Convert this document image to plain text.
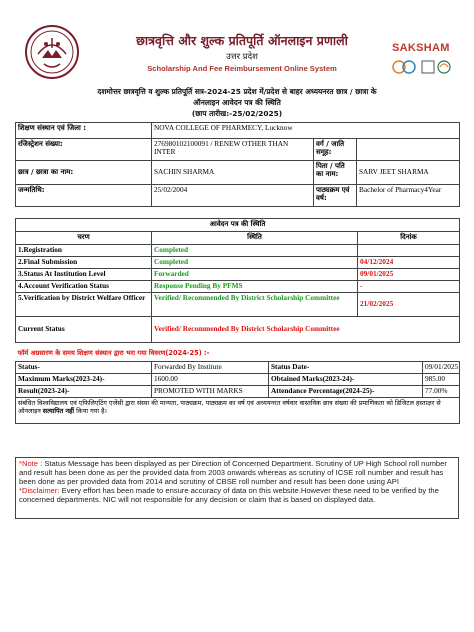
छात्रवृत्ति और शुल्क प्रतिपूर्ति ऑनलाइन प्रणाली
उत्तर प्रदेश
Scholarship And Fee Reimbursement Online System
SAKSHAM
दशमोत्तर छात्रवृत्ति व शुल्क प्रतिपूर्ति सत्र-2024-25 प्रदेश में/प्रदेश से बाहर अध्ययनरत छात्र / छात्रा के
ऑनलाइन आवेदन पत्र की स्थिति
(छाप तारीख:-25/02/2025)
शिक्षण संस्थान एवं जिला :	NOVA COLLEGE OF PHARMECY, Lucknow		
रजिस्ट्रेशन संख्या:	276980102100091 / RENEW OTHER THAN INTER	वर्ग / जाति समूह:	
छात्र / छात्रा का नाम:	SACHIN SHARMA	पिता / पति का नाम:	SARV JEET SHARMA
जन्मतिथि:	25/02/2004	पाठ्यक्रम एवं वर्ष:	Bachelor of Pharmacy4Year
आवेदन पत्र की स्थिति		
चरण	स्थिति	दिनांक
1.Registration	Completed	
2.Final Submission	Completed	04/12/2024
3.Status At Institution Level	Forwarded	09/01/2025
4.Account Verification Status	Response Pending By PFMS	-
5.Verification by District Welfare Officer	Verified/ Recommended By District Scholarship Committee	21/02/2025
Current Status	Verified/ Recommended By District Scholarship Committee	
फॉर्म अग्रसारण के समय शिक्षण संस्थान द्वारा भरा गया विवरण(2024-25) :-			
Status-	Forwarded By Institute	Status Date-	09/01/2025
Maximum Marks(2023-24)-	1600.00	Obtained Marks(2023-24)-	985.00
Result(2023-24)-	PROMOTED WITH MARKS	Attendance Percentage(2024-25)-	77.00%
संबंधित विश्वविद्यालय एवं एफिलिएटिंग एजेंसी द्वारा संस्था की मान्यता, पाठ्यक्रम, पाठ्यक्रम का वर्ष एवं अध्ययनरत वर्षवार वास्तविक छात्र संख्या की प्रमाणिकता को डिजिटल हस्ताक्षर से ऑनलाइन सत्यापित नहीं किया गया है।			
*Note : Status Message has been displayed as per Direction of Concerned Department. Scrutiny of UP High School roll number and result has been done as per the provided data from 2003 onwards whereas as scrutiny of ICSE roll number and result has been done as per provided data from 2014 and scrutiny of CBSE roll number and result has been done using API
*Disclaimer: Every effort has been made to ensure accuracy of data on this website.However these need to be verified by the concerned departments. NIC will not responsible for any decision or claim that is based on displayed data.
